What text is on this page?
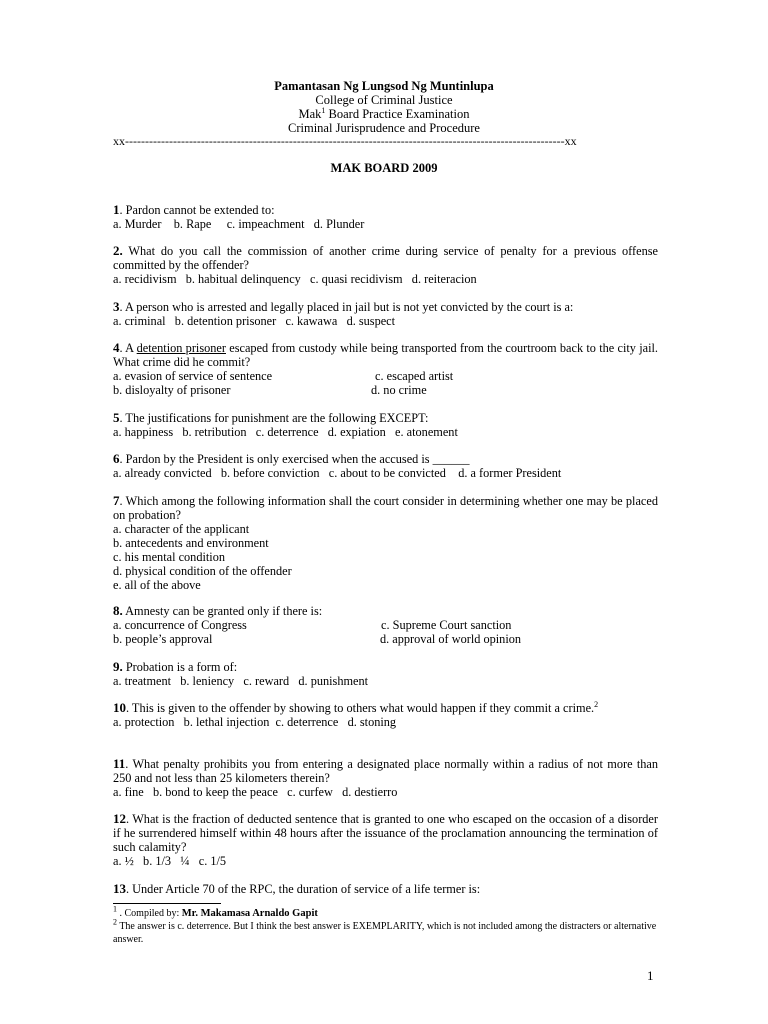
Pamantasan Ng Lungsod Ng Muntinlupa
College of Criminal Justice
Mak$^1$ Board Practice Examination
Criminal Jurisprudence and Procedure
xx--------------------------------------------------------------------------------------------------------------xx
MAK BOARD 2009
1. Pardon cannot be extended to:
a. Murder    b. Rape     c. impeachment   d. Plunder
2. What do you call the commission of another crime during service of penalty for a previous offense committed by the offender?
a. recidivism   b. habitual delinquency   c. quasi recidivism   d. reiteracion
3. A person who is arrested and legally placed in jail but is not yet convicted by the court is a:
a. criminal   b. detention prisoner   c. kawawa   d. suspect
4. A detention prisoner escaped from custody while being transported from the courtroom back to the city jail. What crime did he commit?
a. evasion of service of sentence	c. escaped artist
b. disloyalty of prisoner	d. no crime
5. The justifications for punishment are the following EXCEPT:
a. happiness   b. retribution   c. deterrence   d. expiation   e. atonement
6. Pardon by the President is only exercised when the accused is ______
a. already convicted   b. before conviction   c. about to be convicted    d. a former President
7. Which among the following information shall the court consider in determining whether one may be placed on probation?
a. character of the applicant
b. antecedents and environment
c. his mental condition
d. physical condition of the offender
e. all of the above
8. Amnesty can be granted only if there is:
a. concurrence of Congress	c. Supreme Court sanction
b. people’s approval	d. approval of world opinion
9. Probation is a form of:
a. treatment   b. leniency   c. reward   d. punishment
10. This is given to the offender by showing to others what would happen if they commit a crime.$^2$
a. protection   b. lethal injection  c. deterrence   d. stoning
11. What penalty prohibits you from entering a designated place normally within a radius of not more than 250 and not less than 25 kilometers therein?
a. fine   b. bond to keep the peace   c. curfew   d. destierro
12. What is the fraction of deducted sentence that is granted to one who escaped on the occasion of a disorder if he surrendered himself within 48 hours after the issuance of the proclamation announcing the termination of such calamity?
a. ½   b. 1/3   ¼   c. 1/5
13. Under Article 70 of the RPC, the duration of service of a life termer is:
$^1$ . Compiled by: Mr. Makamasa Arnaldo Gapit
$^2$ The answer is c. deterrence. But I think the best answer is EXEMPLARITY, which is not included among the distracters or alternative answer.
1
